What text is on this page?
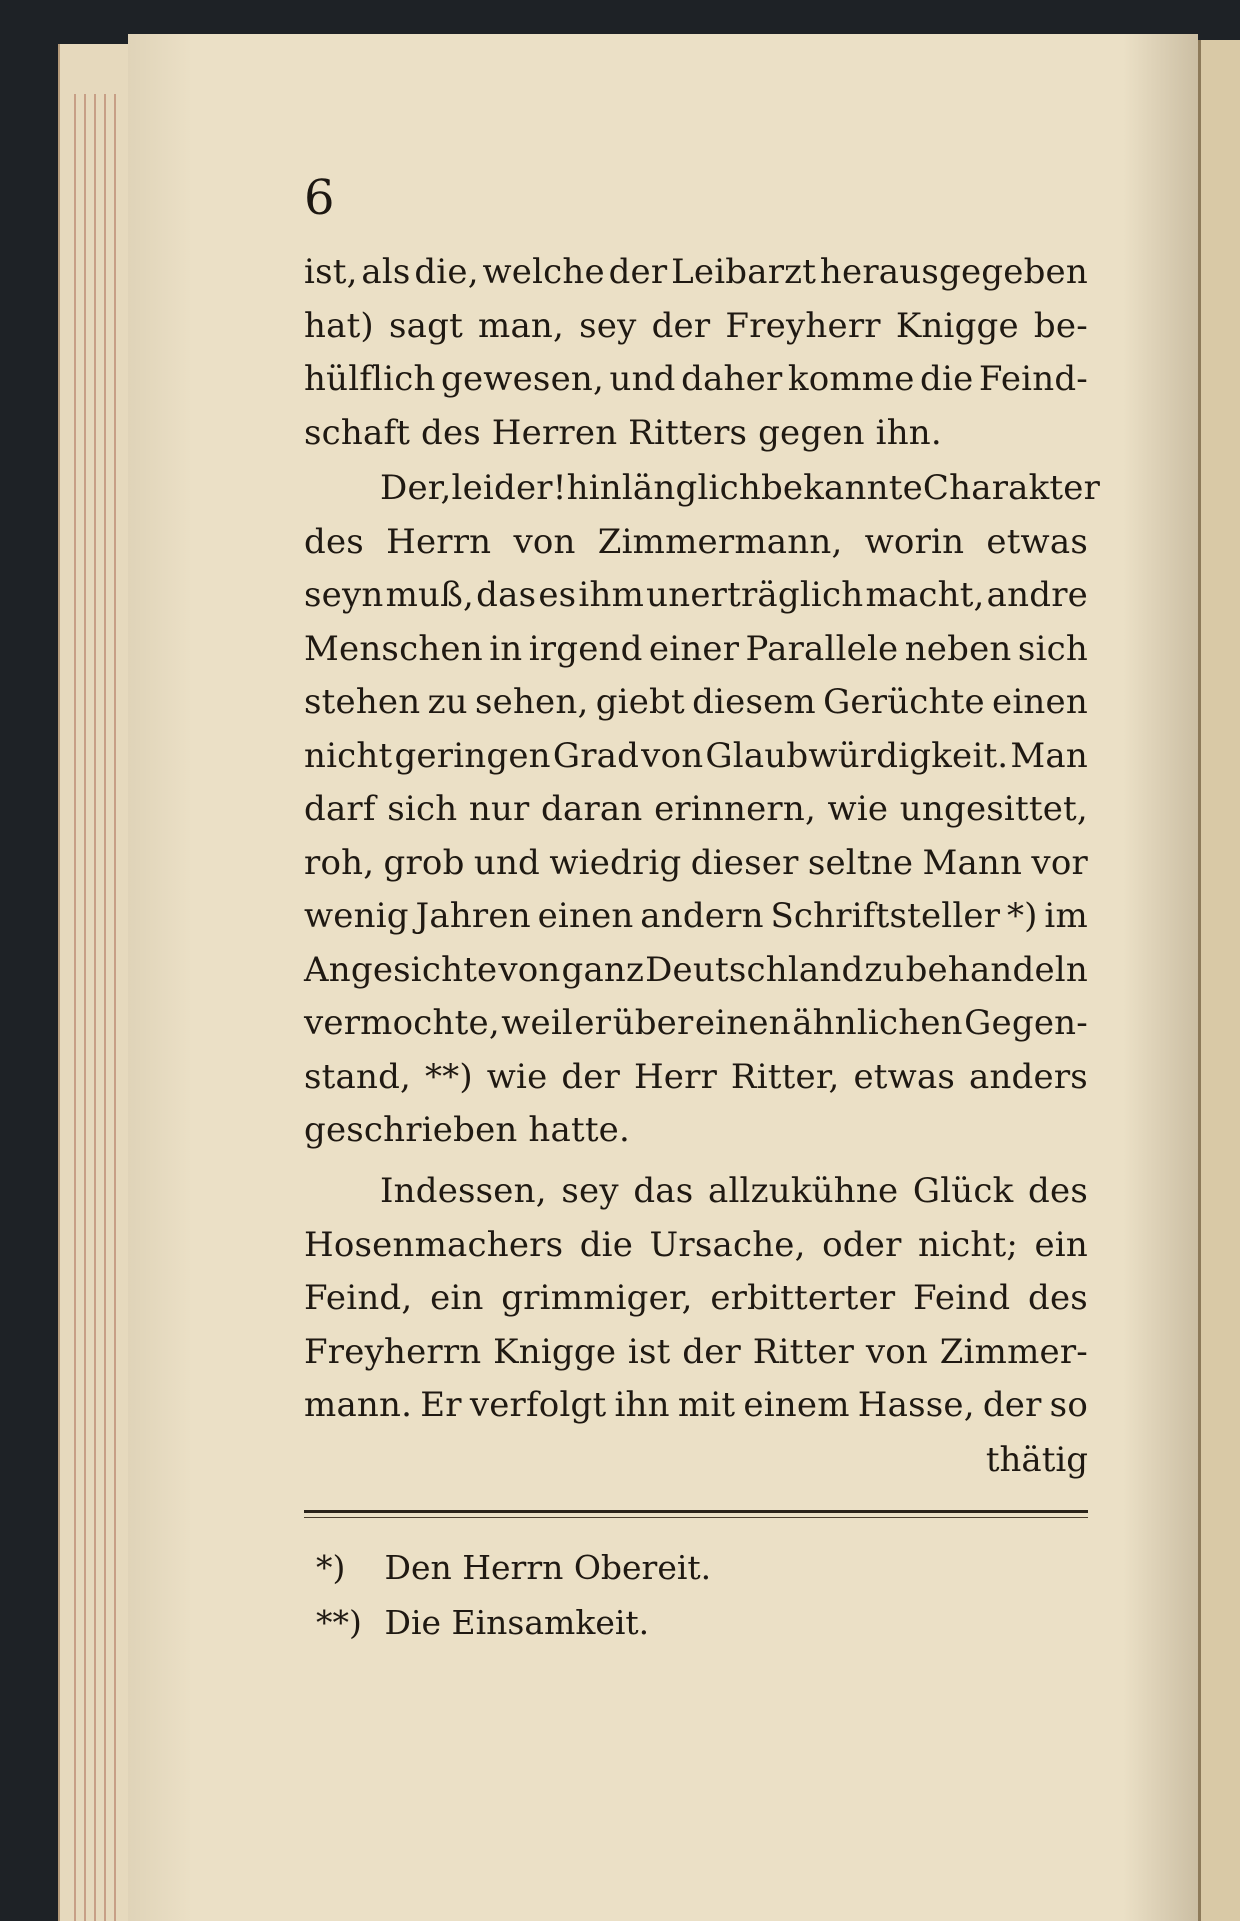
6
ist, als die, welche der Leibarzt herausgegeben
hat) sagt man, sey der Freyherr Knigge be-
hülflich gewesen, und daher komme die Feind-
schaft des Herren Ritters gegen ihn.
Der, leider! hinlänglich bekannte Charakter
des Herrn von Zimmermann, worin etwas
seyn muß, das es ihm unerträglich macht, andre
Menschen in irgend einer Parallele neben sich
stehen zu sehen, giebt diesem Gerüchte einen
nicht geringen Grad von Glaubwürdigkeit. Man
darf sich nur daran erinnern, wie ungesittet,
roh, grob und wiedrig dieser seltne Mann vor
wenig Jahren einen andern Schriftsteller *) im
Angesichte von ganz Deutschland zu behandeln
vermochte, weil er über einen ähnlichen Gegen-
stand, **) wie der Herr Ritter, etwas anders
geschrieben hatte.
Indessen, sey das allzukühne Glück des
Hosenmachers die Ursache, oder nicht; ein
Feind, ein grimmiger, erbitterter Feind des
Freyherrn Knigge ist der Ritter von Zimmer-
mann. Er verfolgt ihn mit einem Hasse, der so
thätig
*) Den Herrn Obereit.
**) Die Einsamkeit.
